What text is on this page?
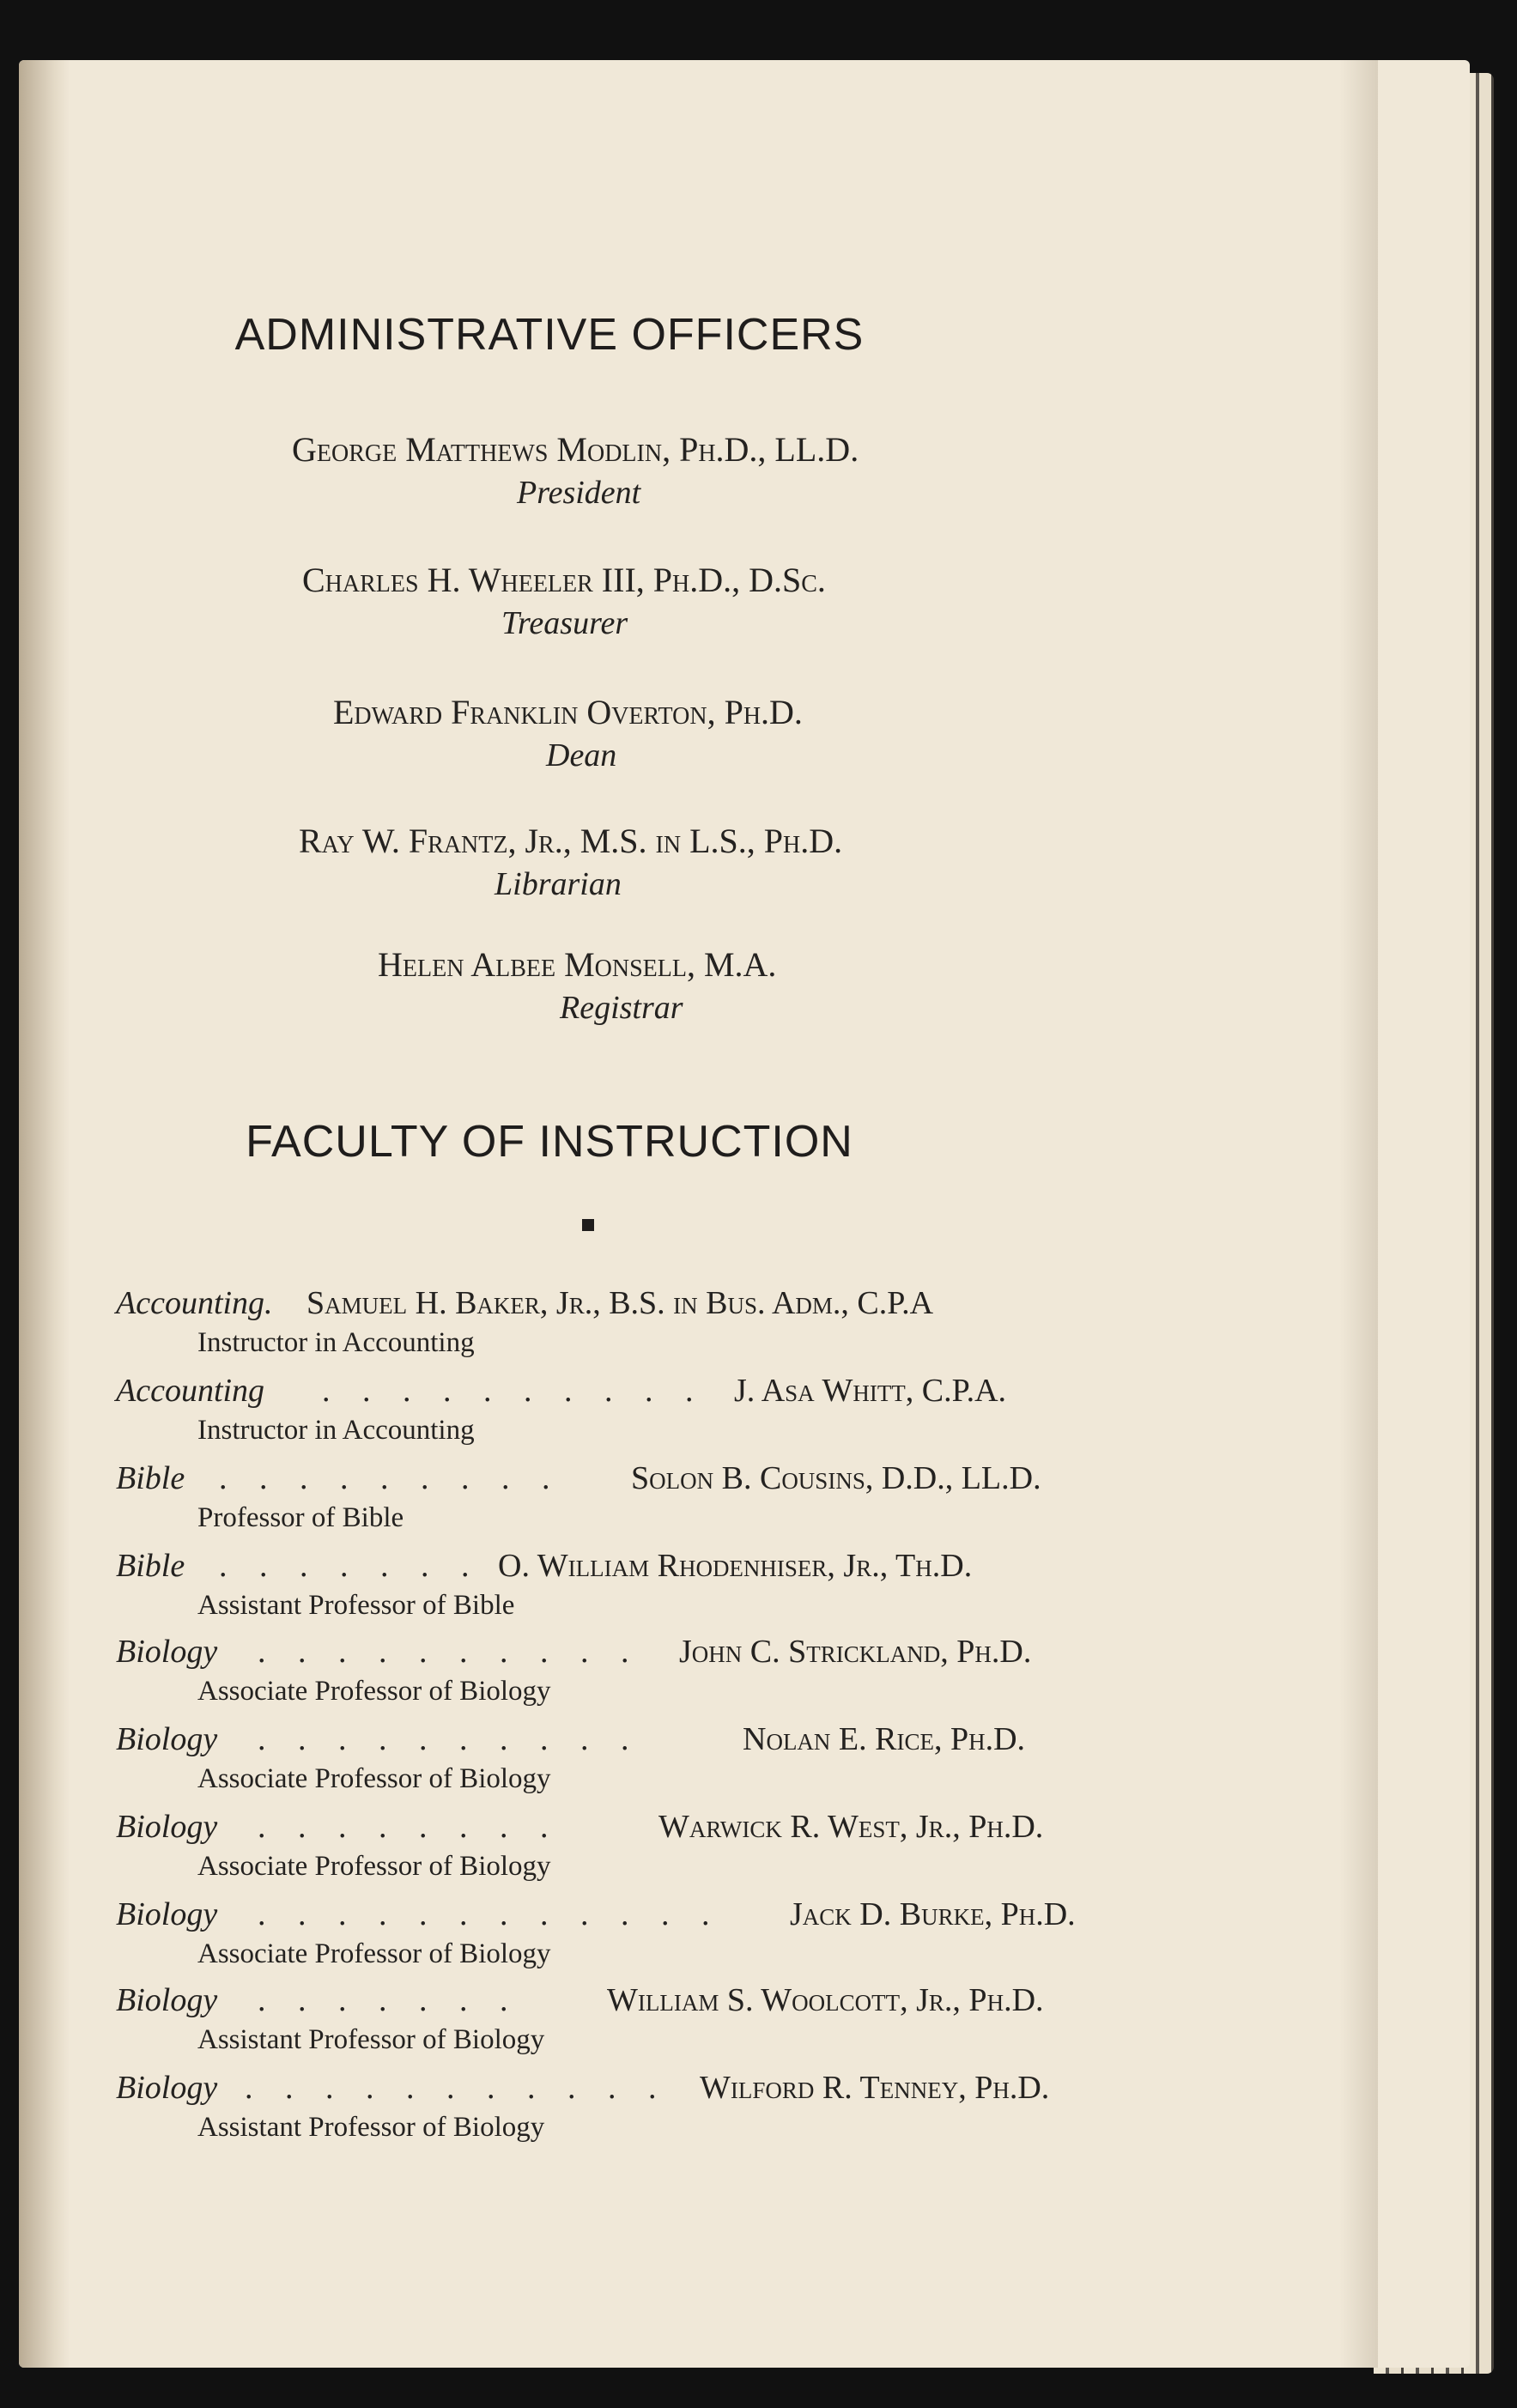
ADMINISTRATIVE OFFICERS
George Matthews Modlin, Ph.D., LL.D.
President
Charles H. Wheeler III, Ph.D., D.Sc.
Treasurer
Edward Franklin Overton, Ph.D.
Dean
Ray W. Frantz, Jr., M.S. in L.S., Ph.D.
Librarian
Helen Albee Monsell, M.A.
Registrar
FACULTY OF INSTRUCTION
Accounting. Samuel H. Baker, Jr., B.S. in Bus. Adm., C.P.A
Instructor in Accounting
Accounting . . . . . . . . . . J. Asa Whitt, C.P.A.
Instructor in Accounting
Bible . . . . . . . . . Solon B. Cousins, D.D., LL.D.
Professor of Bible
Bible . . . . . . . O. William Rhodenhiser, Jr., Th.D.
Assistant Professor of Bible
Biology . . . . . . . . . . John C. Strickland, Ph.D.
Associate Professor of Biology
Biology . . . . . . . . . .	Nolan E. Rice, Ph.D.
Associate Professor of Biology
Biology . . . . . . . .	Warwick R. West, Jr., Ph.D.
Associate Professor of Biology
Biology . . . . . . . . . . . . Jack D. Burke, Ph.D.
Associate Professor of Biology
Biology . . . . . . .	William S. Woolcott, Jr., Ph.D.
Assistant Professor of Biology
Biology . . . . . . . . . . . Wilford R. Tenney, Ph.D.
Assistant Professor of Biology
